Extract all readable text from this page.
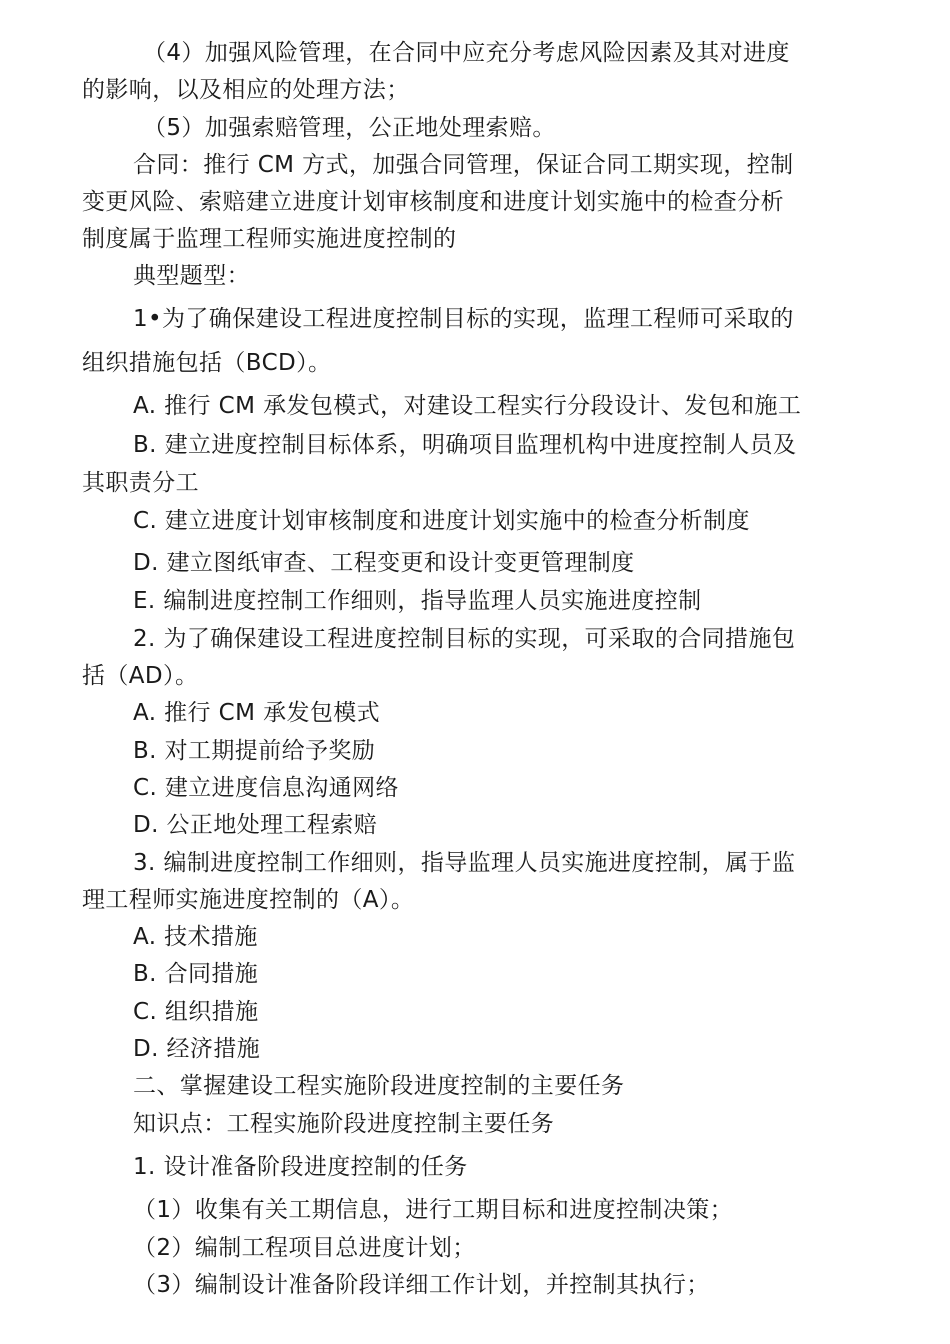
（4）加强风险管理，在合同中应充分考虑风险因素及其对进度
的影响，以及相应的处理方法；
（5）加强索赔管理，公正地处理索赔。
合同：推行 CM 方式，加强合同管理，保证合同工期实现，控制
变更风险、索赔建立进度计划审核制度和进度计划实施中的检查分析
制度属于监理工程师实施进度控制的
典型题型：
1•为了确保建设工程进度控制目标的实现，监理工程师可采取的
组织措施包括（BCD）。
A. 推行 CM 承发包模式，对建设工程实行分段设计、发包和施工
B. 建立进度控制目标体系，明确项目监理机构中进度控制人员及
其职责分工
C. 建立进度计划审核制度和进度计划实施中的检查分析制度
D. 建立图纸审查、工程变更和设计变更管理制度
E. 编制进度控制工作细则，指导监理人员实施进度控制
2. 为了确保建设工程进度控制目标的实现，可采取的合同措施包
括（AD）。
A. 推行 CM 承发包模式
B. 对工期提前给予奖励
C. 建立进度信息沟通网络
D. 公正地处理工程索赔
3. 编制进度控制工作细则，指导监理人员实施进度控制，属于监
理工程师实施进度控制的（A）。
A. 技术措施
B. 合同措施
C. 组织措施
D. 经济措施
二、掌握建设工程实施阶段进度控制的主要任务
知识点：工程实施阶段进度控制主要任务
1. 设计准备阶段进度控制的任务
（1）收集有关工期信息，进行工期目标和进度控制决策；
（2）编制工程项目总进度计划；
（3）编制设计准备阶段详细工作计划，并控制其执行；
